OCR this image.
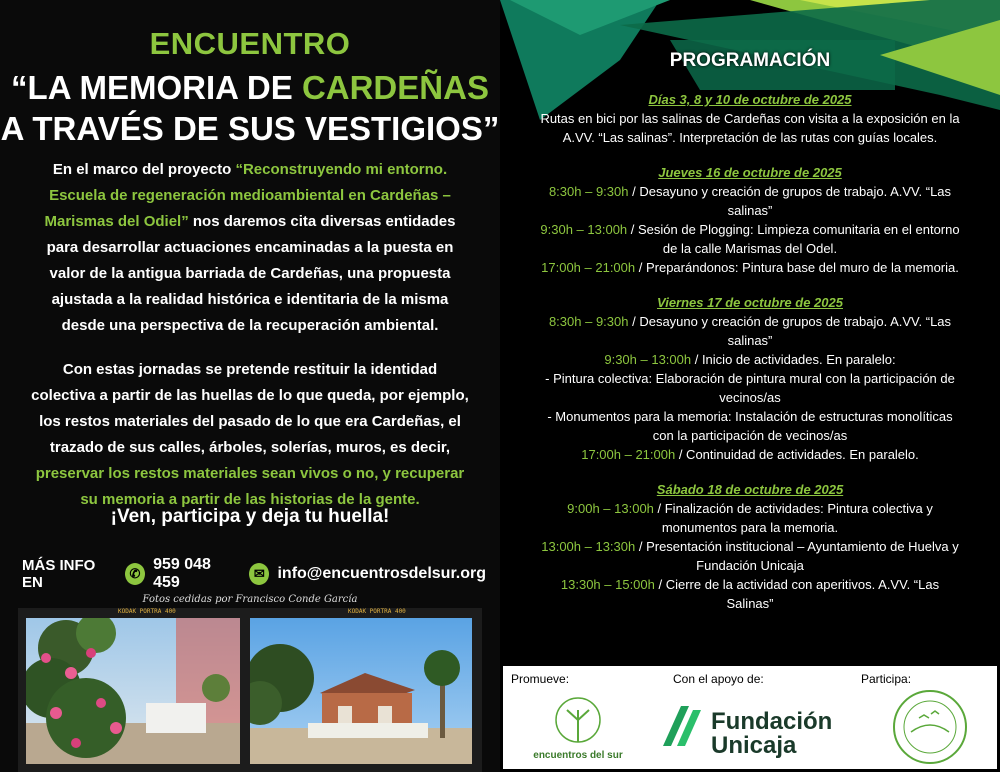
ENCUENTRO
“LA MEMORIA DE CARDEÑAS
A TRAVÉS DE SUS VESTIGIOS”

En el marco del proyecto “Reconstruyendo mi entorno. Escuela de regeneración medioambiental en Cardeñas – Marismas del Odiel” nos daremos cita diversas entidades para desarrollar actuaciones encaminadas a la puesta en valor de la antigua barriada de Cardeñas, una propuesta ajustada a la realidad histórica e identitaria de la misma desde una perspectiva de la recuperación ambiental.

Con estas jornadas se pretende restituir la identidad colectiva a partir de las huellas de lo que queda, por ejemplo, los restos materiales del pasado de lo que era Cardeñas, el trazado de sus calles, árboles, solerías, muros, es decir, preservar los restos materiales sean vivos o no, y recuperar su memoria a partir de las historias de la gente.

¡Ven, participa y deja tu huella!
MÁS INFO EN
✆
959 048 459
✉ info@encuentrosdelsur.org
Fotos cedidas por Francisco Conde García
KODAK PORTRA 400	KODAK PORTRA 400
PROGRAMACIÓN
Días 3, 8 y 10 de octubre de 2025

Rutas en bici por las salinas de Cardeñas con visita a la exposición en la A.VV. “Las salinas”. Interpretación de las rutas con guías locales.

Jueves 16 de octubre de 2025

8:30h – 9:30h / Desayuno y creación de grupos de trabajo. A.VV. “Las salinas”

9:30h – 13:00h / Sesión de Plogging: Limpieza comunitaria en el entorno de la calle Marismas del Odel.

17:00h – 21:00h / Preparándonos: Pintura base del muro de la memoria.

Viernes 17 de octubre de 2025

8:30h – 9:30h / Desayuno y creación de grupos de trabajo. A.VV. “Las salinas”

9:30h – 13:00h / Inicio de actividades. En paralelo:

- Pintura colectiva: Elaboración de pintura mural con la participación de vecinos/as

- Monumentos para la memoria: Instalación de estructuras monolíticas con la participación de vecinos/as

17:00h – 21:00h / Continuidad de actividades. En paralelo.

Sábado 18 de octubre de 2025

9:00h – 13:00h / Finalización de actividades: Pintura colectiva y monumentos para la memoria.

13:00h – 13:30h / Presentación institucional – Ayuntamiento de Huelva y Fundación Unicaja

13:30h – 15:00h / Cierre de la actividad con aperitivos. A.VV. “Las Salinas”

Promueve:	Con el apoyo de:	Participa:
encuentros del sur
Fundación
Unicaja
